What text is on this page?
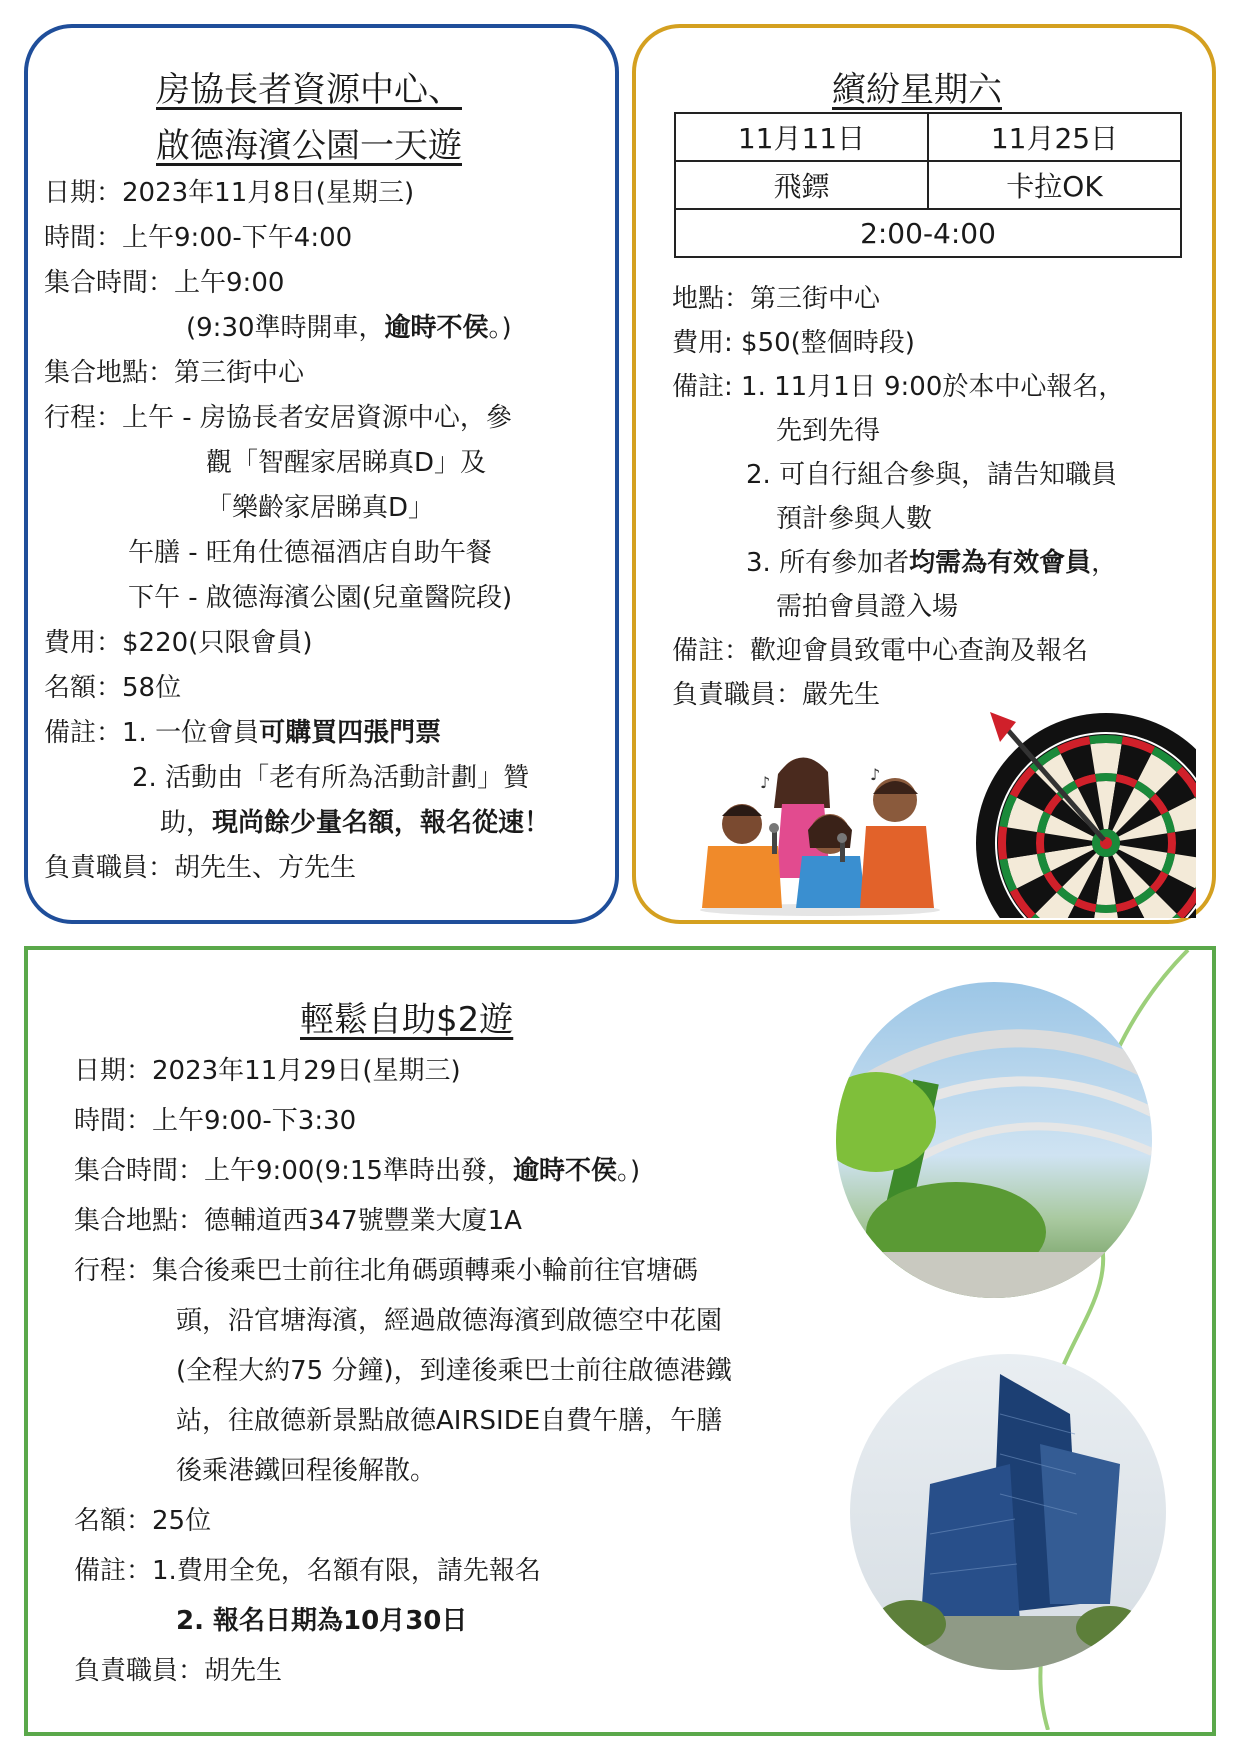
房協長者資源中心、
啟德海濱公園一天遊
日期：2023年11月8日(星期三)
時間：上午9:00-下午4:00
集合時間：上午9:00
(9:30準時開車，逾時不侯。)
集合地點：第三街中心
行程：上午 - 房協長者安居資源中心，參
觀「智醒家居睇真D」及
「樂齡家居睇真D」
午膳 - 旺角仕德福酒店自助午餐
下午 - 啟德海濱公園(兒童醫院段)
費用：$220(只限會員)
名額：58位
備註：1. 一位會員可購買四張門票
2. 活動由「老有所為活動計劃」贊
助，現尚餘少量名額，報名從速！
負責職員：胡先生、方先生
繽紛星期六
11月11日	11月25日
飛鏢	卡拉OK
2:00-4:00	
地點：第三街中心
費用: $50(整個時段)
備註: 1. 11月1日 9:00於本中心報名，
先到先得
2. 可自行組合參與，請告知職員
預計參與人數
3. 所有參加者均需為有效會員，
需拍會員證入場
備註：歡迎會員致電中心查詢及報名
負責職員：嚴先生
♪	♪
輕鬆自助$2遊
日期：2023年11月29日(星期三)
時間：上午9:00-下3:30
集合時間：上午9:00(9:15準時出發，逾時不侯。)
集合地點：德輔道西347號豐業大廈1A
行程：集合後乘巴士前往北角碼頭轉乘小輪前往官塘碼
頭，沿官塘海濱，經過啟德海濱到啟德空中花園
(全程大約75 分鐘)，到達後乘巴士前往啟德港鐵
站，往啟德新景點啟德AIRSIDE自費午膳，午膳
後乘港鐵回程後解散。
名額：25位
備註：1.費用全免，名額有限，請先報名
2. 報名日期為10月30日
負責職員：胡先生
